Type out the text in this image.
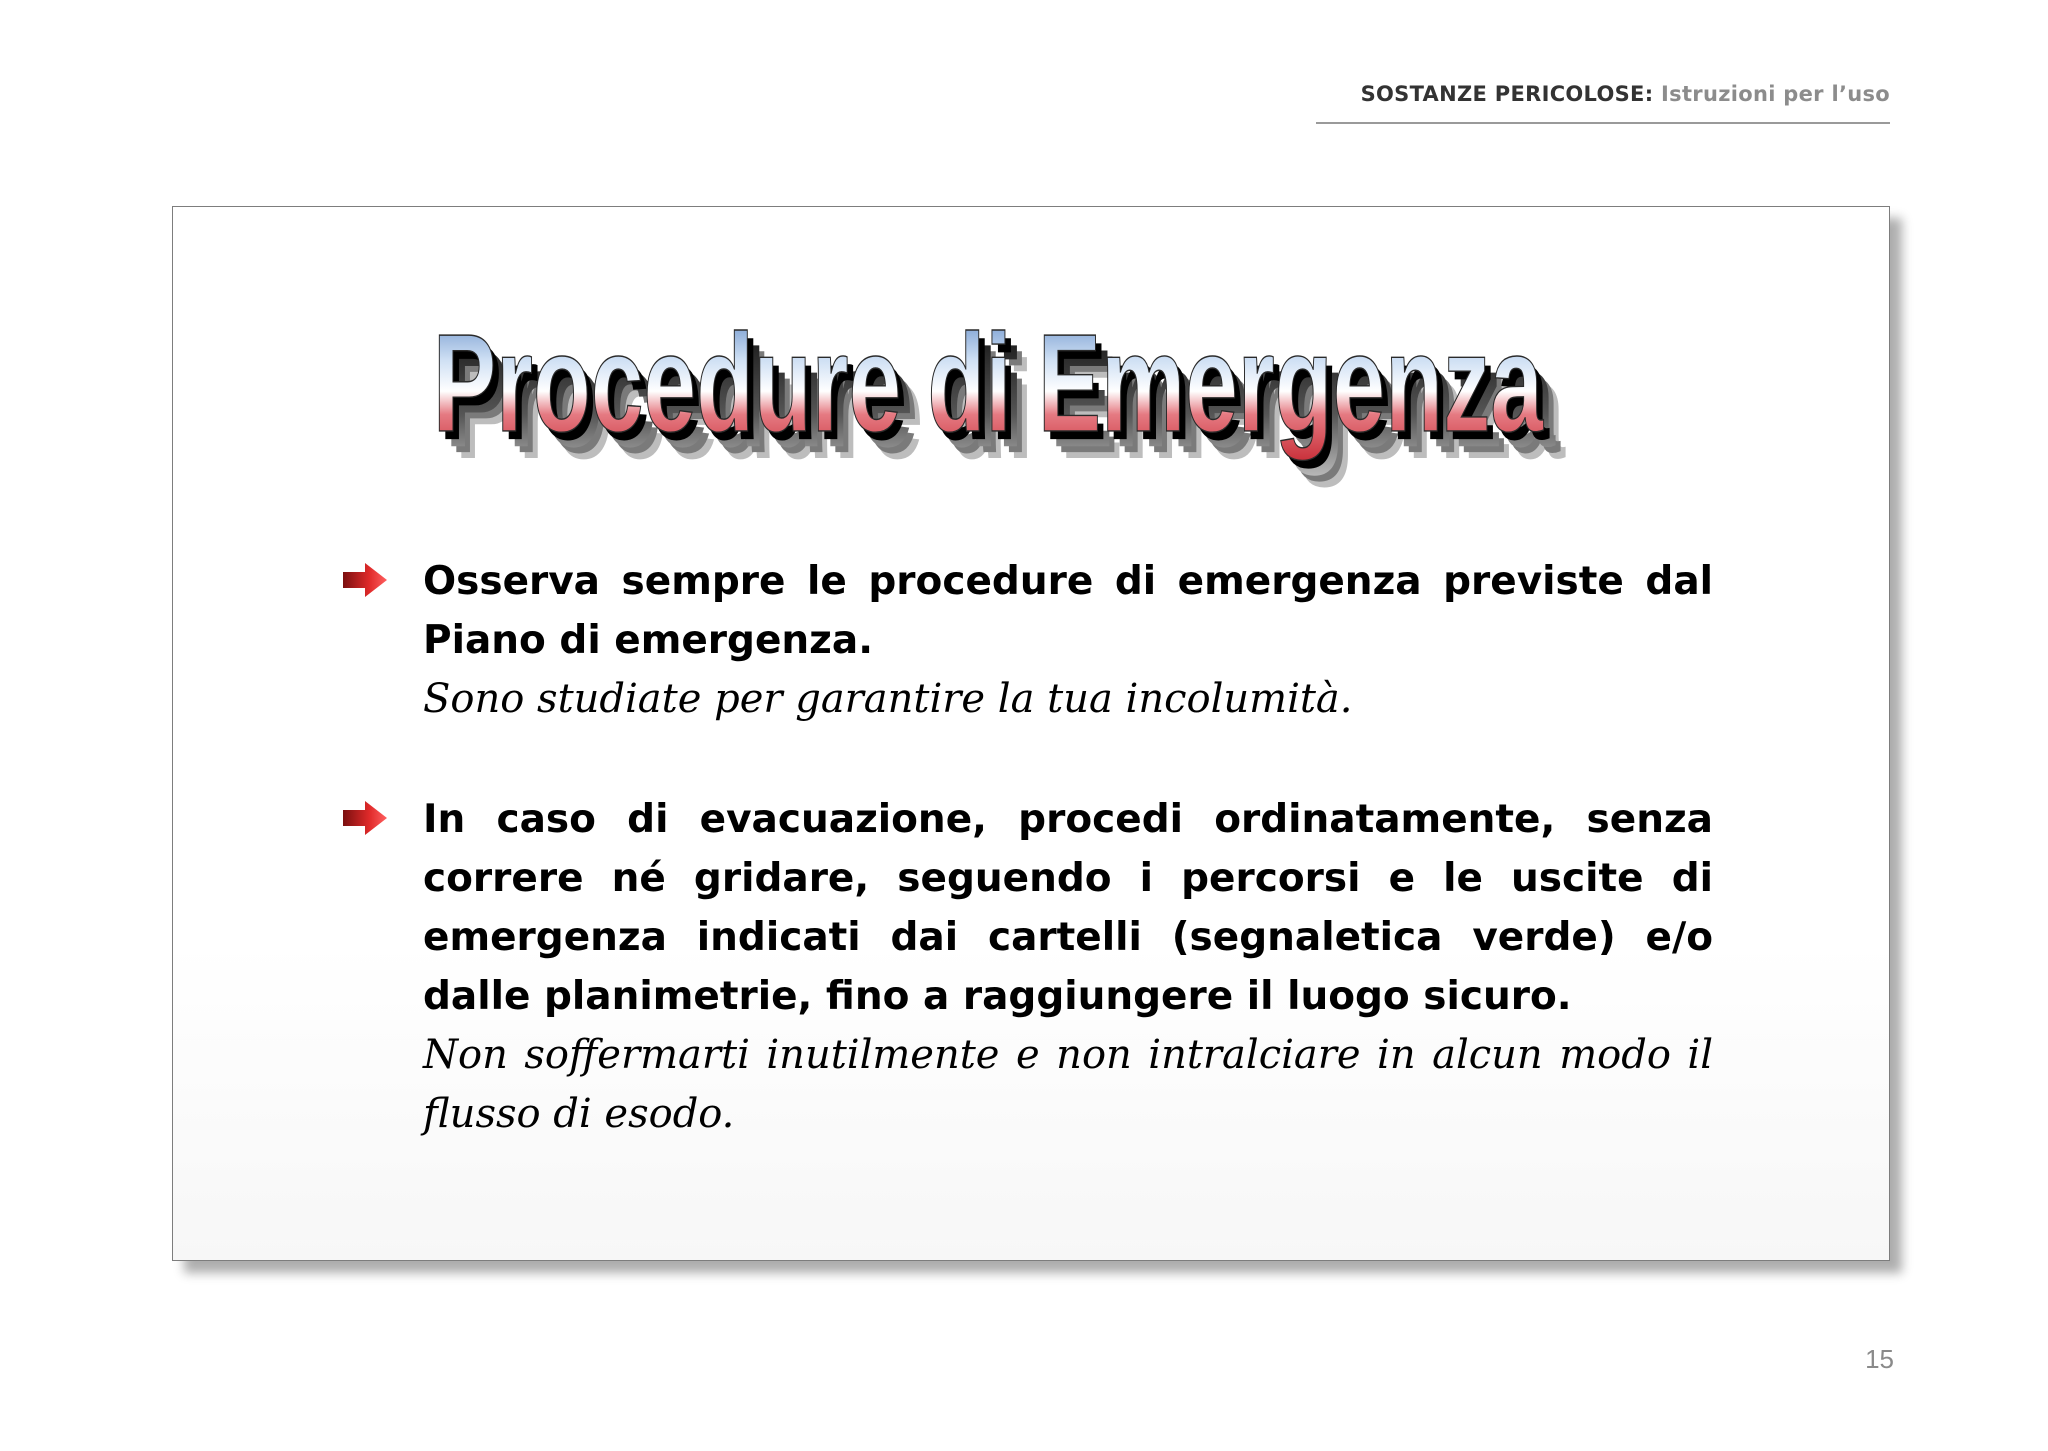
SOSTANZE PERICOLOSE: Istruzioni per l’uso
Procedure di Emergenza
Procedure di Emergenza
Procedure di Emergenza
Procedure di Emergenza
Procedure di Emergenza
Osserva sempre le procedure di emergenza previste dal Piano di emergenza.
Sono studiate per garantire la tua incolumità.
In caso di evacuazione, procedi ordinatamente, senza correre né gridare, seguendo i percorsi e le uscite di emergenza indicati dai cartelli (segnaletica verde) e/o dalle planimetrie, fino a raggiungere il luogo sicuro.
Non soffermarti inutilmente e non intralciare in alcun modo il flusso di esodo.
15
